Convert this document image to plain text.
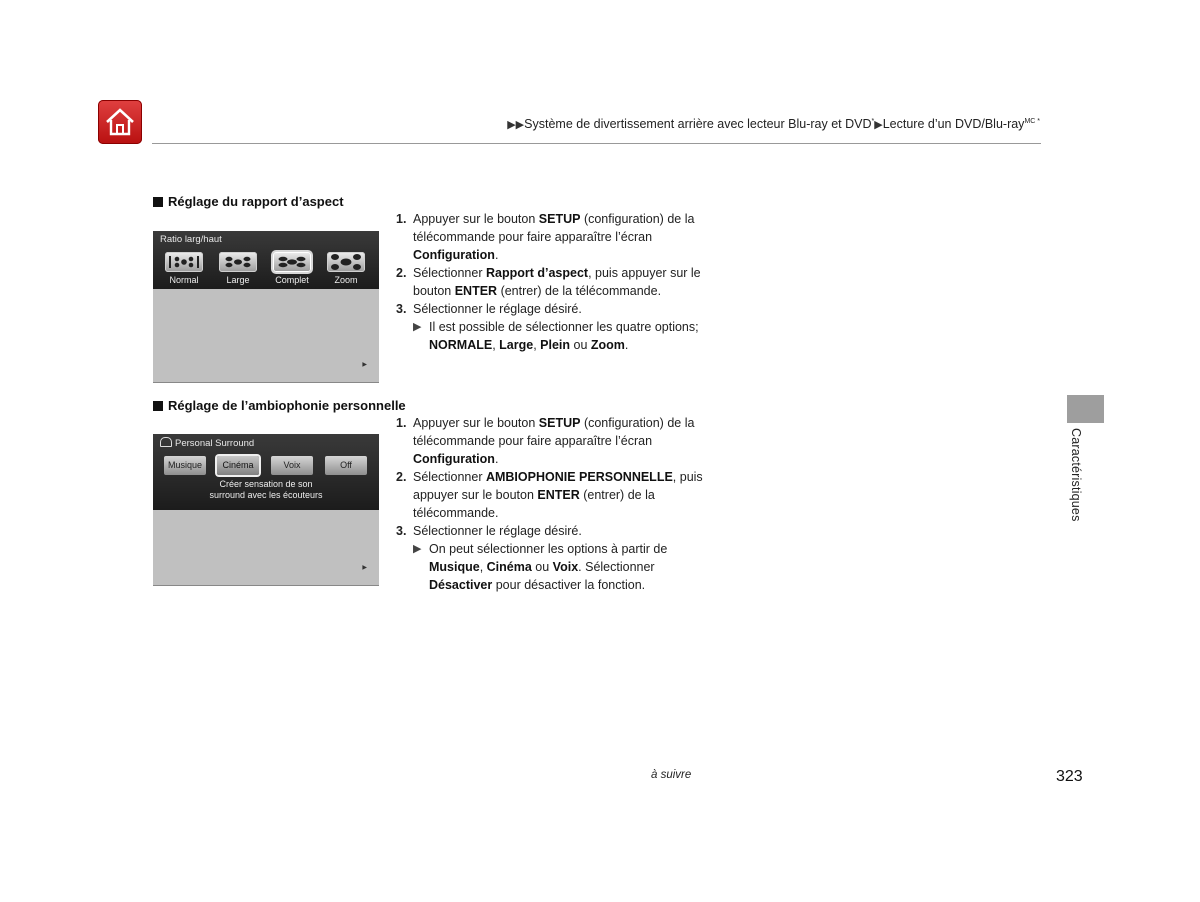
▶▶Système de divertissement arrière avec lecteur Blu-ray et DVD*▶Lecture d’un DVD/Blu-ray$^{MC *}$
Réglage du rapport d’aspect
Ratio larg/haut
Normal	Large	Complet	Zoom
▶
1. Appuyer sur le bouton SETUP (configuration) de la télécommande pour faire apparaître l’écran Configuration.
2. Sélectionner Rapport d’aspect, puis appuyer sur le bouton ENTER (entrer) de la télécommande.
3. Sélectionner le réglage désiré.
▶ Il est possible de sélectionner les quatre options; NORMALE, Large, Plein ou Zoom.
Réglage de l’ambiophonie personnelle
Personal Surround
Musique	Cinéma	Voix	Off
Créer sensation de son
surround avec les écouteurs
▶
1. Appuyer sur le bouton SETUP (configuration) de la télécommande pour faire apparaître l’écran Configuration.
2. Sélectionner AMBIOPHONIE PERSONNELLE, puis appuyer sur le bouton ENTER (entrer) de la télécommande.
3. Sélectionner le réglage désiré.
▶ On peut sélectionner les options à partir de Musique, Cinéma ou Voix. Sélectionner Désactiver pour désactiver la fonction.
Caractéristiques
à suivre	323
